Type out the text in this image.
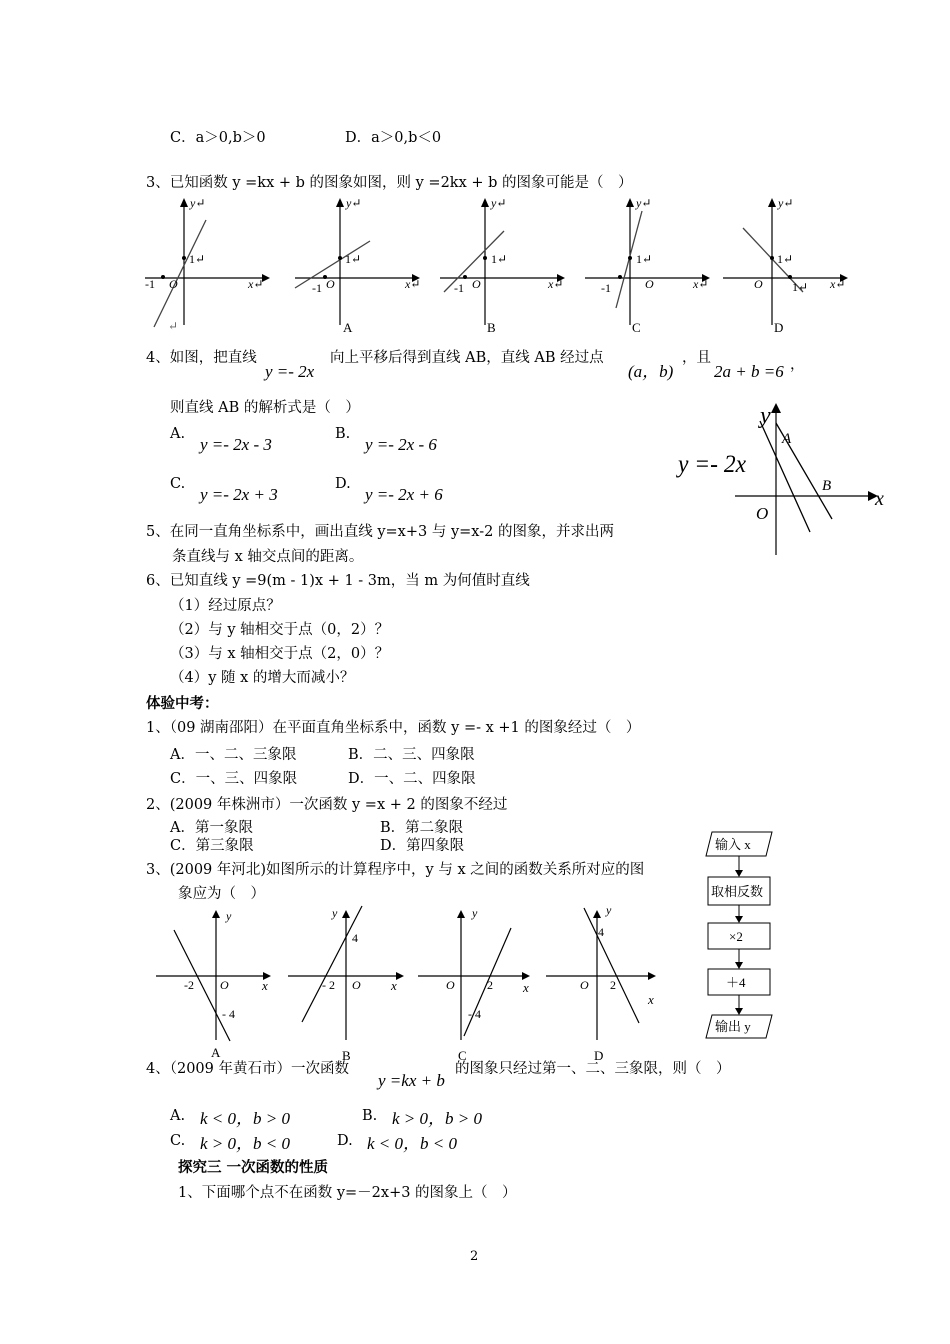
C．a＞0,b＞0	D．a＞0,b＜0
3、已知函数 y =kx + b 的图象如图，则 y =2kx + b 的图象可能是（　）
y↵
x↵
O
-1
1↵
↵
y↵
x↵
O
-1
1↵
A
y↵
x↵
O
-1
1↵
B
y↵
x↵
O
-1
1↵
C
y↵
x↵
O
1↵
1↵
D
4、如图，把直线
y =- 2x
向上平移后得到直线 AB，直线 AB 经过点
(a，b)
，且
2a + b =6 ，
则直线 AB 的解析式是（　）
A.
y =- 2x - 3
B.
y =- 2x - 6
C.
y =- 2x + 3
D.
y =- 2x + 6
y
x
O
A
B
y =- 2x
5、在同一直角坐标系中，画出直线 y=x+3 与 y=x-2 的图象，并求出两
条直线与 x 轴交点间的距离。
6、已知直线 y =9(m - 1)x + 1 - 3m，当 m 为何值时直线
（1）经过原点？
（2）与 y 轴相交于点（0，2）？
（3）与 x 轴相交于点（2，0）？
（4）y 随 x 的增大而减小？
体验中考：
1、（09 湖南邵阳）在平面直角坐标系中，函数 y =- x +1 的图象经过（　）
A．一、二、三象限	B．二、三、四象限
C．一、三、四象限	D．一、二、四象限
2、(2009 年株洲市）一次函数 y =x + 2 的图象不经过
A．第一象限	B．第二象限
C．第三象限	D．第四象限
3、(2009 年河北)如图所示的计算程序中，y 与 x 之间的函数关系所对应的图
象应为（　）
输入 x
取相反数
×2
＋4
输出 y
y
x
O
-2
- 4
A
y
x
O
- 2
4
B
y
x
O	2
- 4
C
y
x
O 2
4
D
4、（2009 年黄石市）一次函数
y =kx + b
的图象只经过第一、二、三象限，则（　）
A. k < 0，b > 0	B. k > 0，b > 0
C. k > 0，b < 0	D. k < 0，b < 0
探究三 一次函数的性质
1、下面哪个点不在函数 y=－2x+3 的图象上（　）
2
